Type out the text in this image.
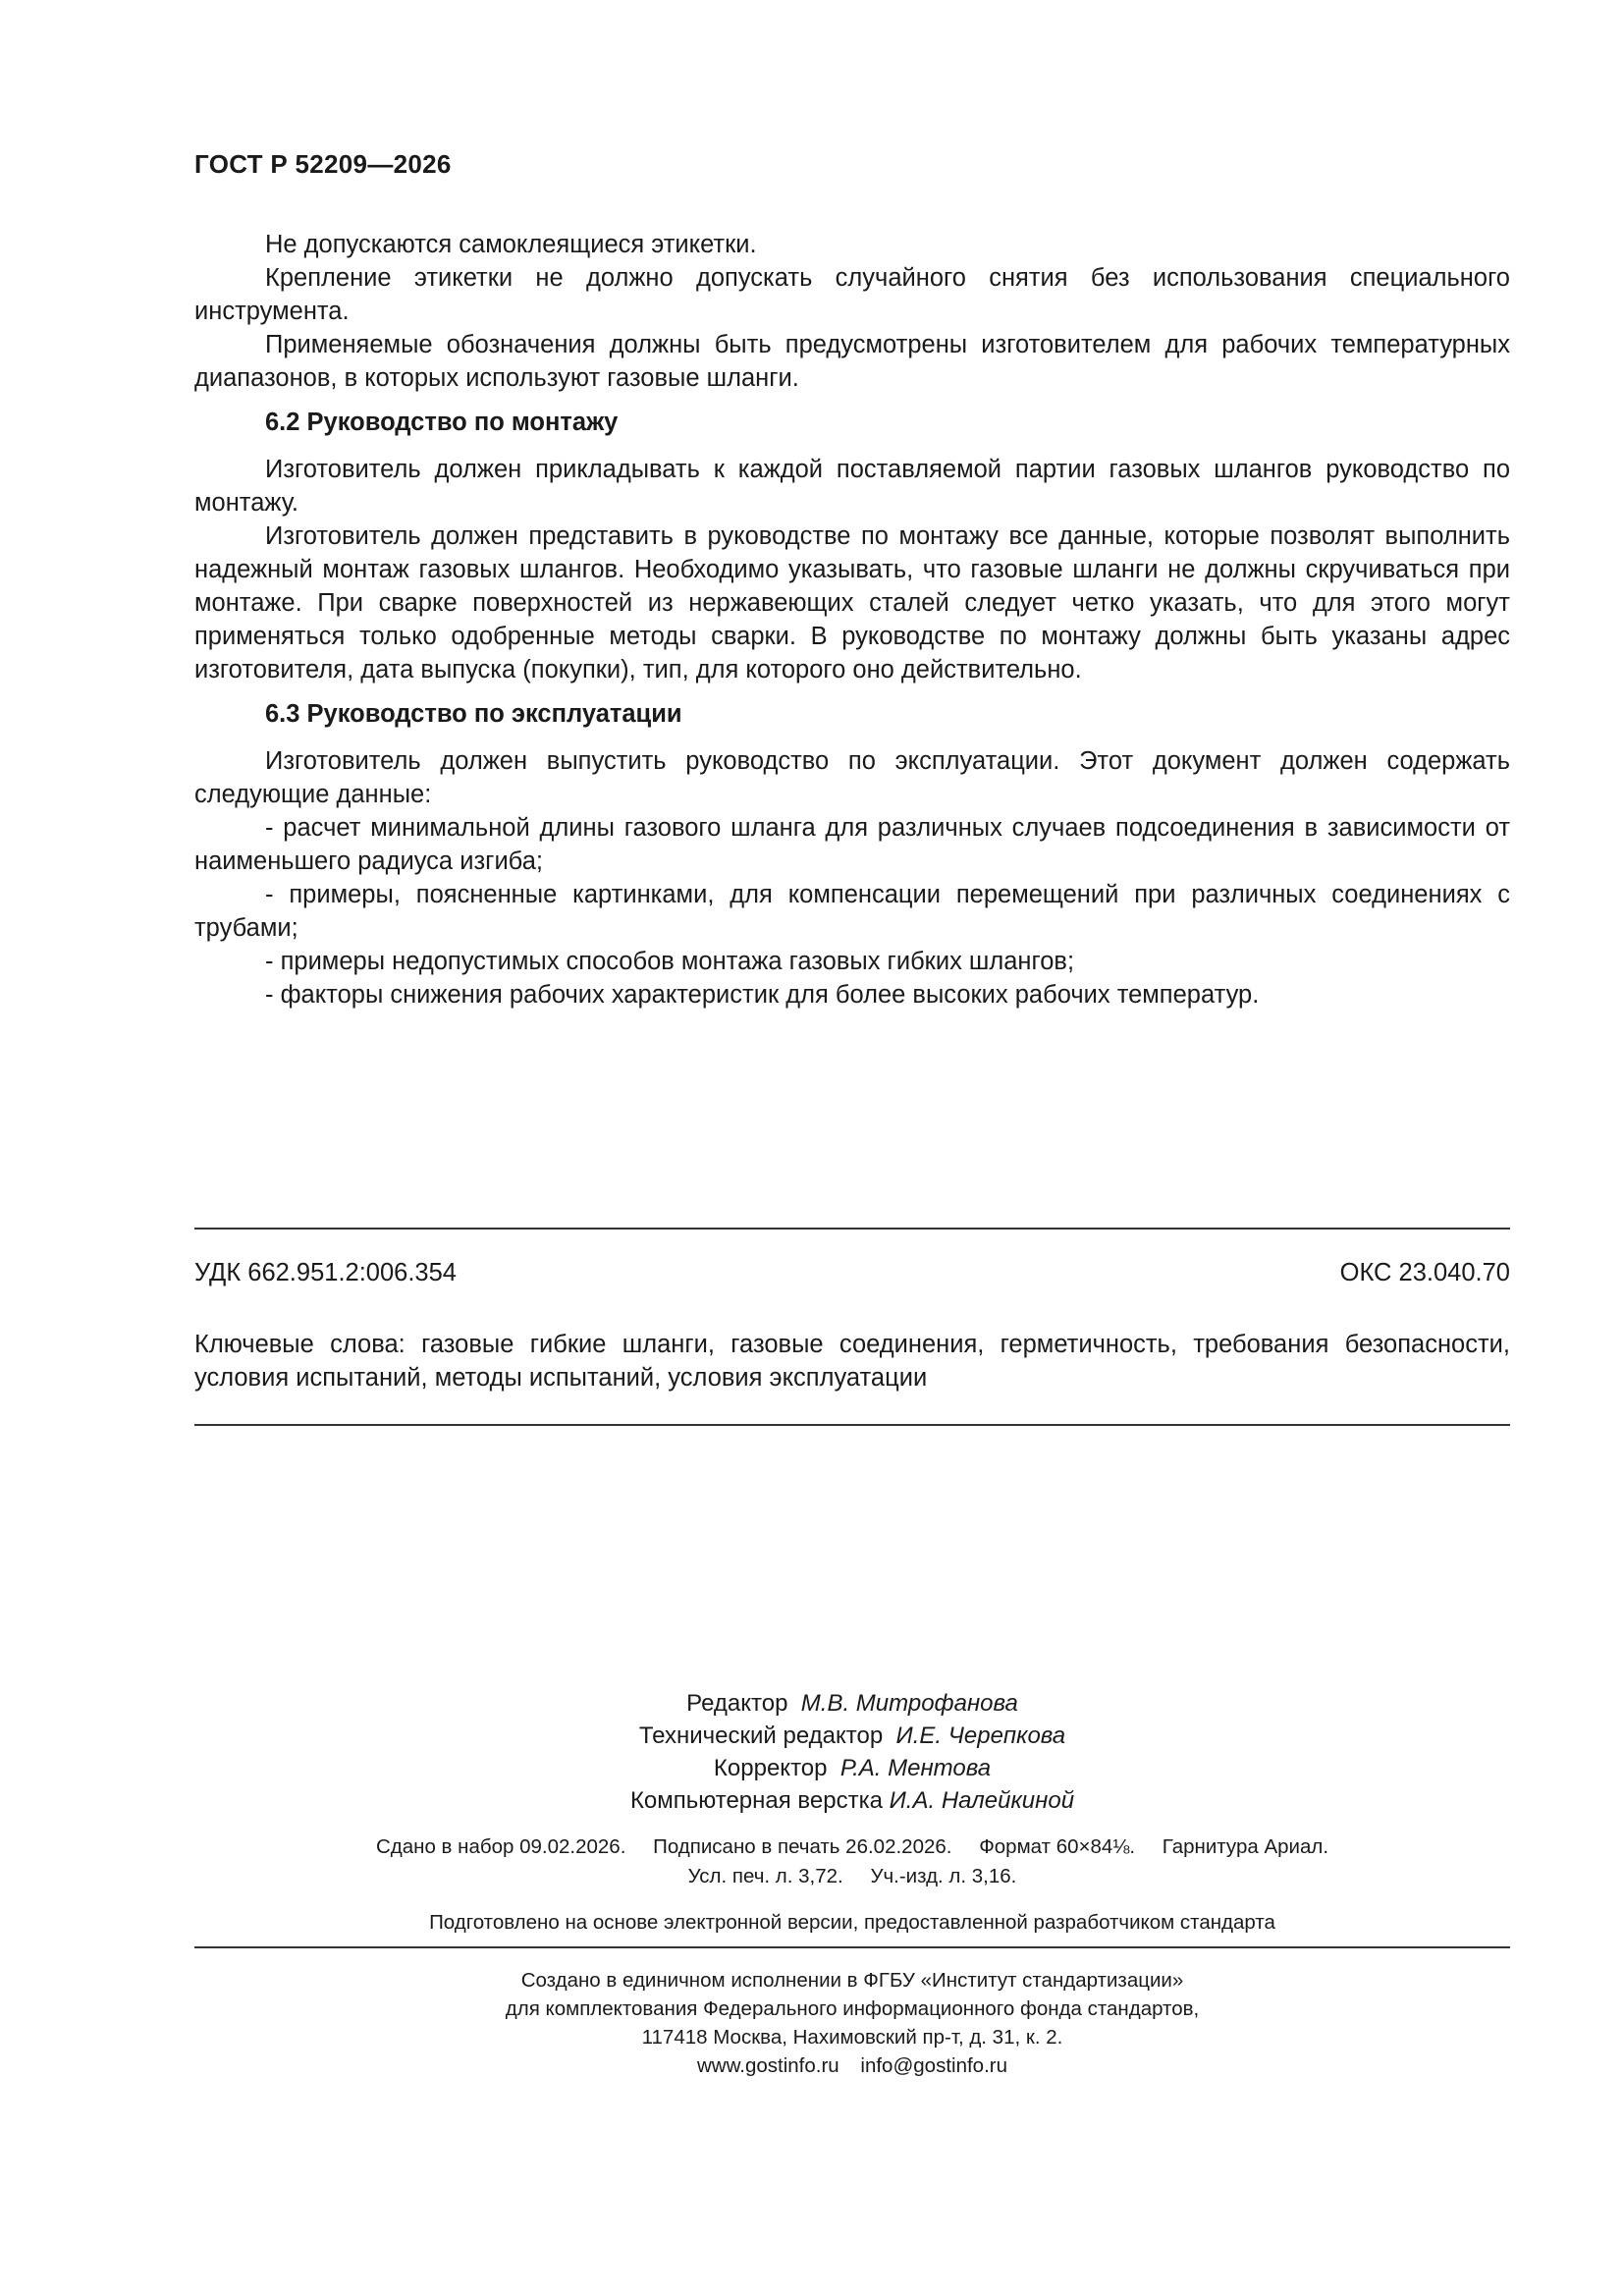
ГОСТ Р 52209—2026

Не допускаются самоклеящиеся этикетки.

Крепление этикетки не должно допускать случайного снятия без использования специального инструмента.

Применяемые обозначения должны быть предусмотрены изготовителем для рабочих температурных диапазонов, в которых используют газовые шланги.

6.2 Руководство по монтажу

Изготовитель должен прикладывать к каждой поставляемой партии газовых шлангов руководство по монтажу.

Изготовитель должен представить в руководстве по монтажу все данные, которые позволят выполнить надежный монтаж газовых шлангов. Необходимо указывать, что газовые шланги не должны скручиваться при монтаже. При сварке поверхностей из нержавеющих сталей следует четко указать, что для этого могут применяться только одобренные методы сварки. В руководстве по монтажу должны быть указаны адрес изготовителя, дата выпуска (покупки), тип, для которого оно действительно.

6.3 Руководство по эксплуатации

Изготовитель должен выпустить руководство по эксплуатации. Этот документ должен содержать следующие данные:

- расчет минимальной длины газового шланга для различных случаев подсоединения в зависимости от наименьшего радиуса изгиба;

- примеры, поясненные картинками, для компенсации перемещений при различных соединениях с трубами;

- примеры недопустимых способов монтажа газовых гибких шлангов;

- факторы снижения рабочих характеристик для более высоких рабочих температур.

УДК 662.951.2:006.354	ОКС 23.040.70
Ключевые слова: газовые гибкие шланги, газовые соединения, герметичность, требования безопасности, условия испытаний, методы испытаний, условия эксплуатации
Редактор М.В. Митрофанова
Технический редактор И.Е. Черепкова
Корректор Р.А. Ментова
Компьютерная верстка И.А. Налейкиной
Сдано в набор 09.02.2026. Подписано в печать 26.02.2026. Формат 60×84⅛. Гарнитура Ариал.
Усл. печ. л. 3,72. Уч.-изд. л. 3,16.
Подготовлено на основе электронной версии, предоставленной разработчиком стандарта
Создано в единичном исполнении в ФГБУ «Институт стандартизации»
для комплектования Федерального информационного фонда стандартов,
117418 Москва, Нахимовский пр-т, д. 31, к. 2.
www.gostinfo.ru info@gostinfo.ru
